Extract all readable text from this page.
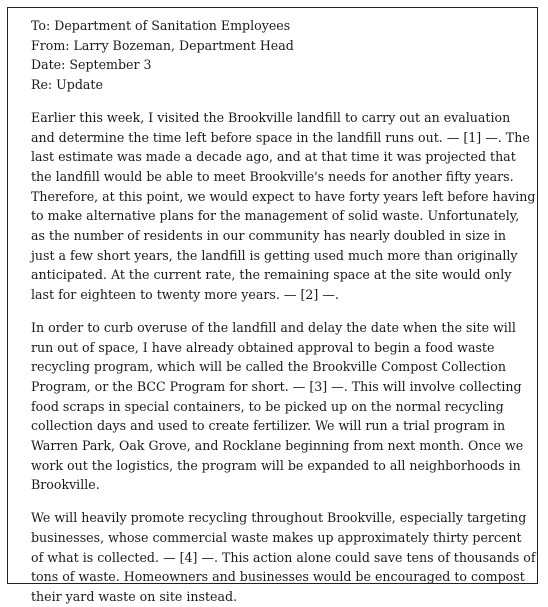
To: Department of Sanitation Employees
From: Larry Bozeman, Department Head
Date: September 3
Re: Update
Earlier this week, I visited the Brookville landfill to carry out an evaluation
and determine the time left before space in the landfill runs out. — [1] —. The
last estimate was made a decade ago, and at that time it was projected that
the landfill would be able to meet Brookville's needs for another fifty years.
Therefore, at this point, we would expect to have forty years left before having
to make alternative plans for the management of solid waste. Unfortunately,
as the number of residents in our community has nearly doubled in size in
just a few short years, the landfill is getting used much more than originally
anticipated. At the current rate, the remaining space at the site would only
last for eighteen to twenty more years. — [2] —.
In order to curb overuse of the landfill and delay the date when the site will
run out of space, I have already obtained approval to begin a food waste
recycling program, which will be called the Brookville Compost Collection
Program, or the BCC Program for short. — [3] —. This will involve collecting
food scraps in special containers, to be picked up on the normal recycling
collection days and used to create fertilizer. We will run a trial program in
Warren Park, Oak Grove, and Rocklane beginning from next month. Once we
work out the logistics, the program will be expanded to all neighborhoods in
Brookville.
We will heavily promote recycling throughout Brookville, especially targeting
businesses, whose commercial waste makes up approximately thirty percent
of what is collected. — [4] —. This action alone could save tens of thousands of
tons of waste. Homeowners and businesses would be encouraged to compost
their yard waste on site instead.
